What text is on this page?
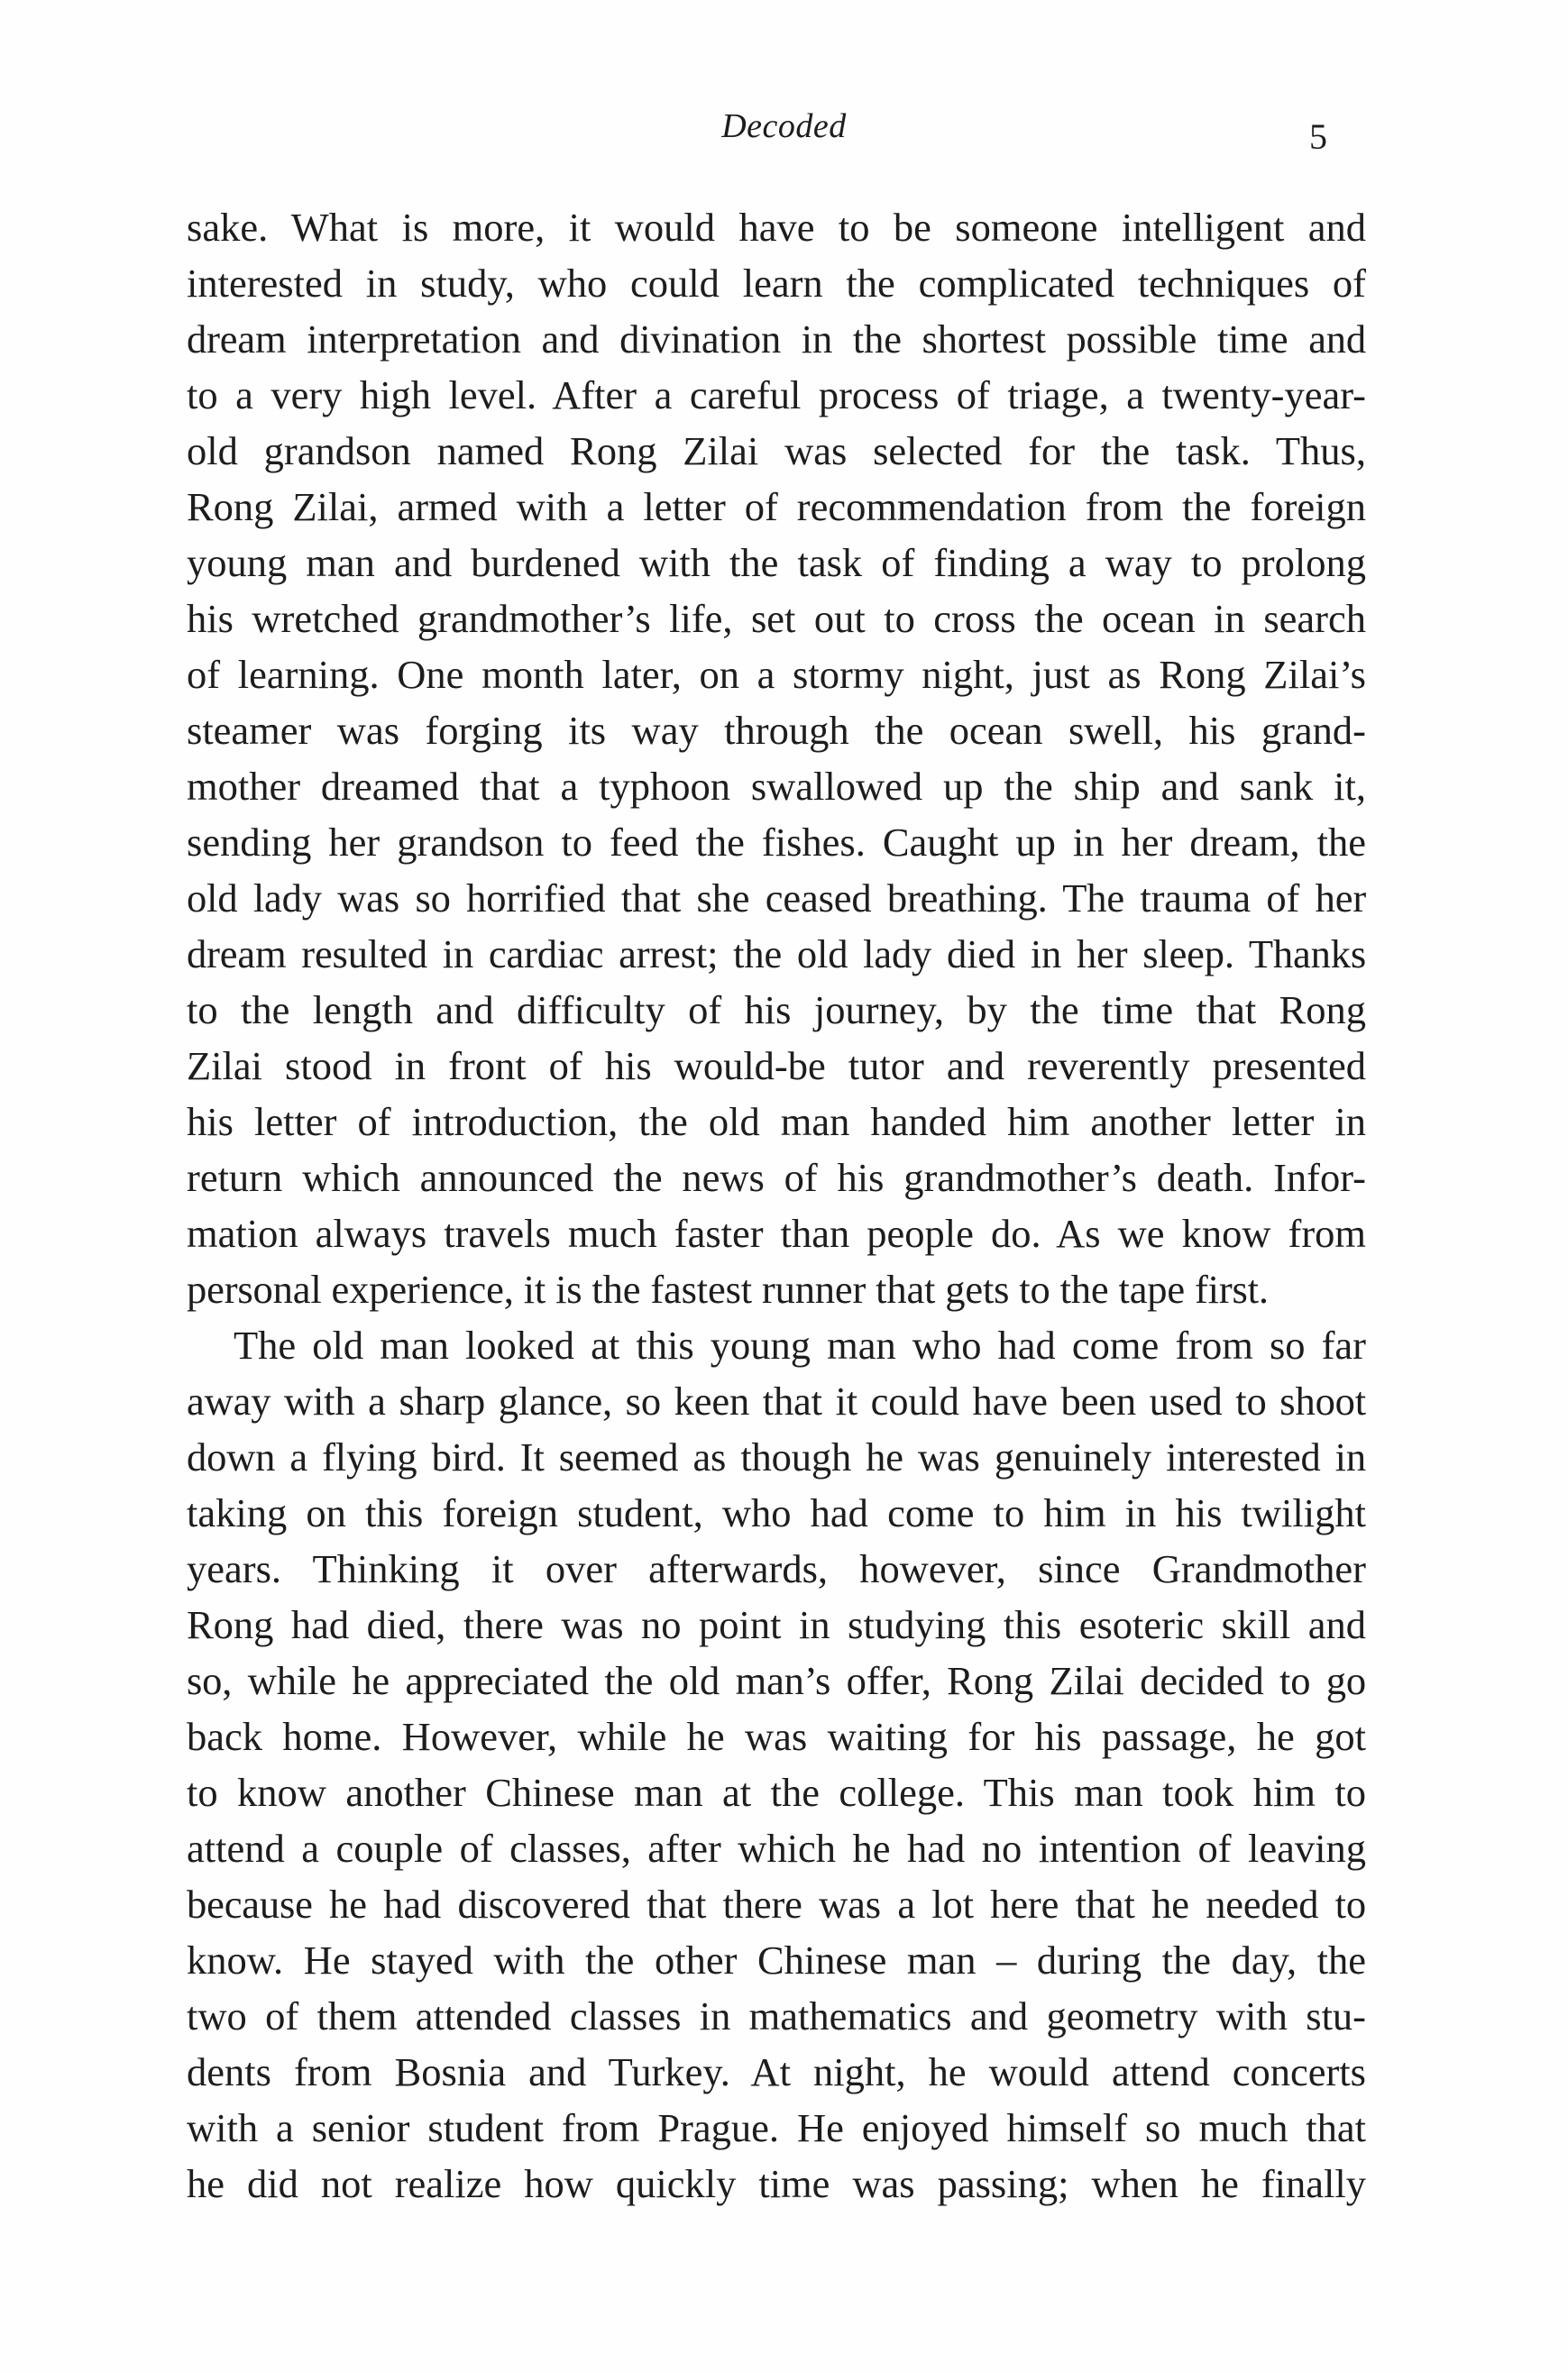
Decoded	5
sake. What is more, it would have to be someone intelligent and
interested in study, who could learn the complicated techniques of
dream interpretation and divination in the shortest possible time and
to a very high level. After a careful process of triage, a twenty-year-
old grandson named Rong Zilai was selected for the task. Thus,
Rong Zilai, armed with a letter of recommendation from the foreign
young man and burdened with the task of finding a way to prolong
his wretched grandmother’s life, set out to cross the ocean in search
of learning. One month later, on a stormy night, just as Rong Zilai’s
steamer was forging its way through the ocean swell, his grand-
mother dreamed that a typhoon swallowed up the ship and sank it,
sending her grandson to feed the fishes. Caught up in her dream, the
old lady was so horrified that she ceased breathing. The trauma of her
dream resulted in cardiac arrest; the old lady died in her sleep. Thanks
to the length and difficulty of his journey, by the time that Rong
Zilai stood in front of his would-be tutor and reverently presented
his letter of introduction, the old man handed him another letter in
return which announced the news of his grandmother’s death. Infor-
mation always travels much faster than people do. As we know from
personal experience, it is the fastest runner that gets to the tape first.
The old man looked at this young man who had come from so far
away with a sharp glance, so keen that it could have been used to shoot
down a flying bird. It seemed as though he was genuinely interested in
taking on this foreign student, who had come to him in his twilight
years. Thinking it over afterwards, however, since Grandmother
Rong had died, there was no point in studying this esoteric skill and
so, while he appreciated the old man’s offer, Rong Zilai decided to go
back home. However, while he was waiting for his passage, he got
to know another Chinese man at the college. This man took him to
attend a couple of classes, after which he had no intention of leaving
because he had discovered that there was a lot here that he needed to
know. He stayed with the other Chinese man – during the day, the
two of them attended classes in mathematics and geometry with stu-
dents from Bosnia and Turkey. At night, he would attend concerts
with a senior student from Prague. He enjoyed himself so much that
he did not realize how quickly time was passing; when he finally
